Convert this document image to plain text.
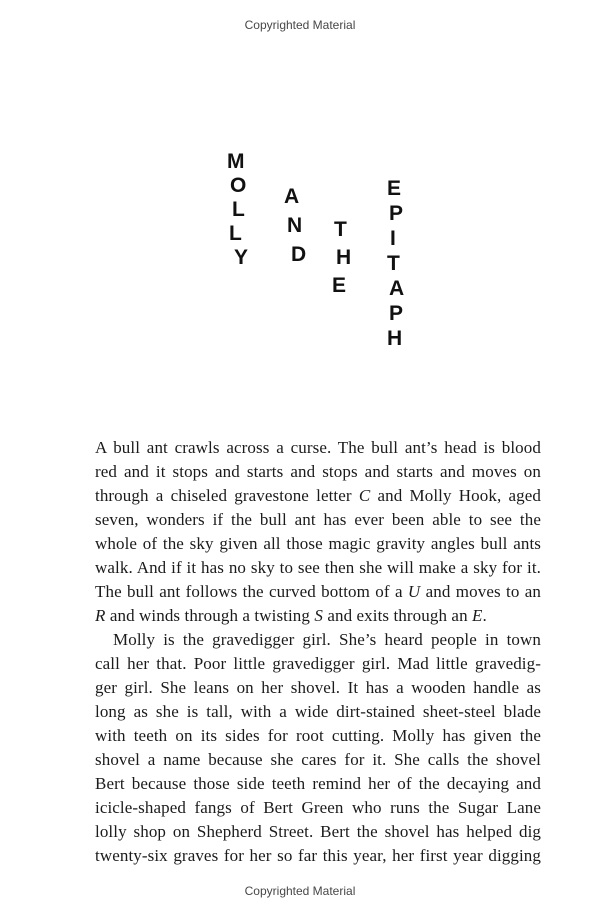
Copyrighted Material
M
O
L
L
Y
A
N
D
T
H
E
E
P
I
T
A
P
H
A bull ant crawls across a curse. The bull ant’s head is blood
red and it stops and starts and stops and starts and moves on
through a chiseled gravestone letter C and Molly Hook, aged
seven, wonders if the bull ant has ever been able to see the
whole of the sky given all those magic gravity angles bull ants
walk. And if it has no sky to see then she will make a sky for it.
The bull ant follows the curved bottom of a U and moves to an
R and winds through a twisting S and exits through an E.
Molly is the gravedigger girl. She’s heard people in town
call her that. Poor little gravedigger girl. Mad little gravedig-
ger girl. She leans on her shovel. It has a wooden handle as
long as she is tall, with a wide dirt-stained sheet-steel blade
with teeth on its sides for root cutting. Molly has given the
shovel a name because she cares for it. She calls the shovel
Bert because those side teeth remind her of the decaying and
icicle-shaped fangs of Bert Green who runs the Sugar Lane
lolly shop on Shepherd Street. Bert the shovel has helped dig
twenty-six graves for her so far this year, her first year digging
Copyrighted Material
